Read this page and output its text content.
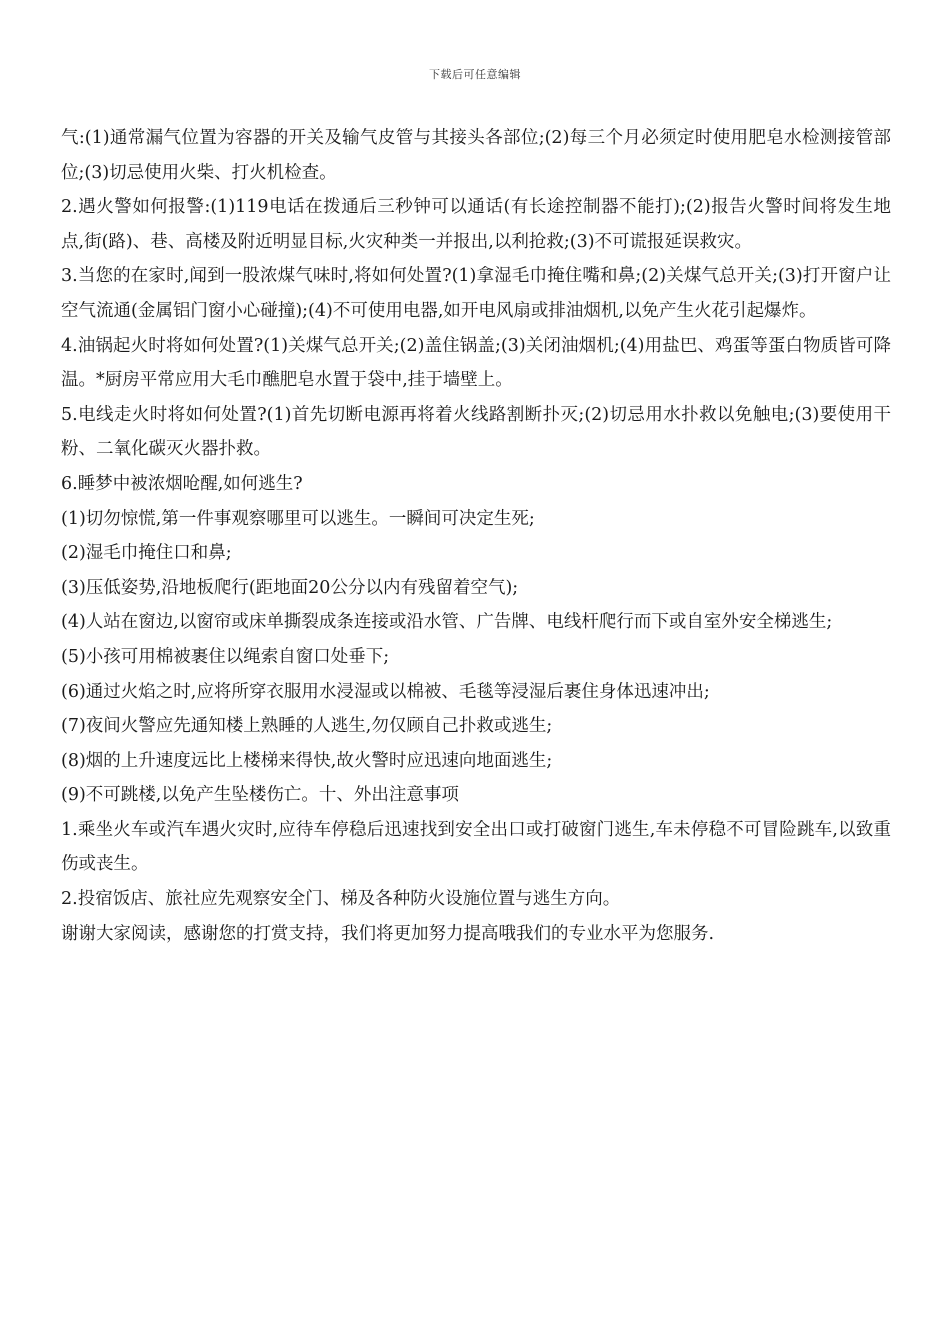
下载后可任意编辑

气:(1)通常漏气位置为容器的开关及输气皮管与其接头各部位;(2)每三个月必须定时使用肥皂水检测接管部位;(3)切忌使用火柴、打火机检查。

2.遇火警如何报警:(1)119电话在拨通后三秒钟可以通话(有长途控制器不能打);(2)报告火警时间将发生地点,街(路)、巷、高楼及附近明显目标,火灾种类一并报出,以利抢救;(3)不可谎报延误救灾。

3.当您的在家时,闻到一股浓煤气味时,将如何处置?(1)拿湿毛巾掩住嘴和鼻;(2)关煤气总开关;(3)打开窗户让空气流通(金属铝门窗小心碰撞);(4)不可使用电器,如开电风扇或排油烟机,以免产生火花引起爆炸。

4.油锅起火时将如何处置?(1)关煤气总开关;(2)盖住锅盖;(3)关闭油烟机;(4)用盐巴、鸡蛋等蛋白物质皆可降温。*厨房平常应用大毛巾醮肥皂水置于袋中,挂于墙壁上。

5.电线走火时将如何处置?(1)首先切断电源再将着火线路割断扑灭;(2)切忌用水扑救以免触电;(3)要使用干粉、二氧化碳灭火器扑救。

6.睡梦中被浓烟呛醒,如何逃生?

(1)切勿惊慌,第一件事观察哪里可以逃生。一瞬间可决定生死;

(2)湿毛巾掩住口和鼻;

(3)压低姿势,沿地板爬行(距地面20公分以内有残留着空气);

(4)人站在窗边,以窗帘或床单撕裂成条连接或沿水管、广告牌、电线杆爬行而下或自室外安全梯逃生;

(5)小孩可用棉被裹住以绳索自窗口处垂下;

(6)通过火焰之时,应将所穿衣服用水浸湿或以棉被、毛毯等浸湿后裹住身体迅速冲出;

(7)夜间火警应先通知楼上熟睡的人逃生,勿仅顾自己扑救或逃生;

(8)烟的上升速度远比上楼梯来得快,故火警时应迅速向地面逃生;

(9)不可跳楼,以免产生坠楼伤亡。十、外出注意事项

1.乘坐火车或汽车遇火灾时,应待车停稳后迅速找到安全出口或打破窗门逃生,车未停稳不可冒险跳车,以致重伤或丧生。

2.投宿饭店、旅社应先观察安全门、梯及各种防火设施位置与逃生方向。

谢谢大家阅读，感谢您的打赏支持，我们将更加努力提高哦我们的专业水平为您服务.
